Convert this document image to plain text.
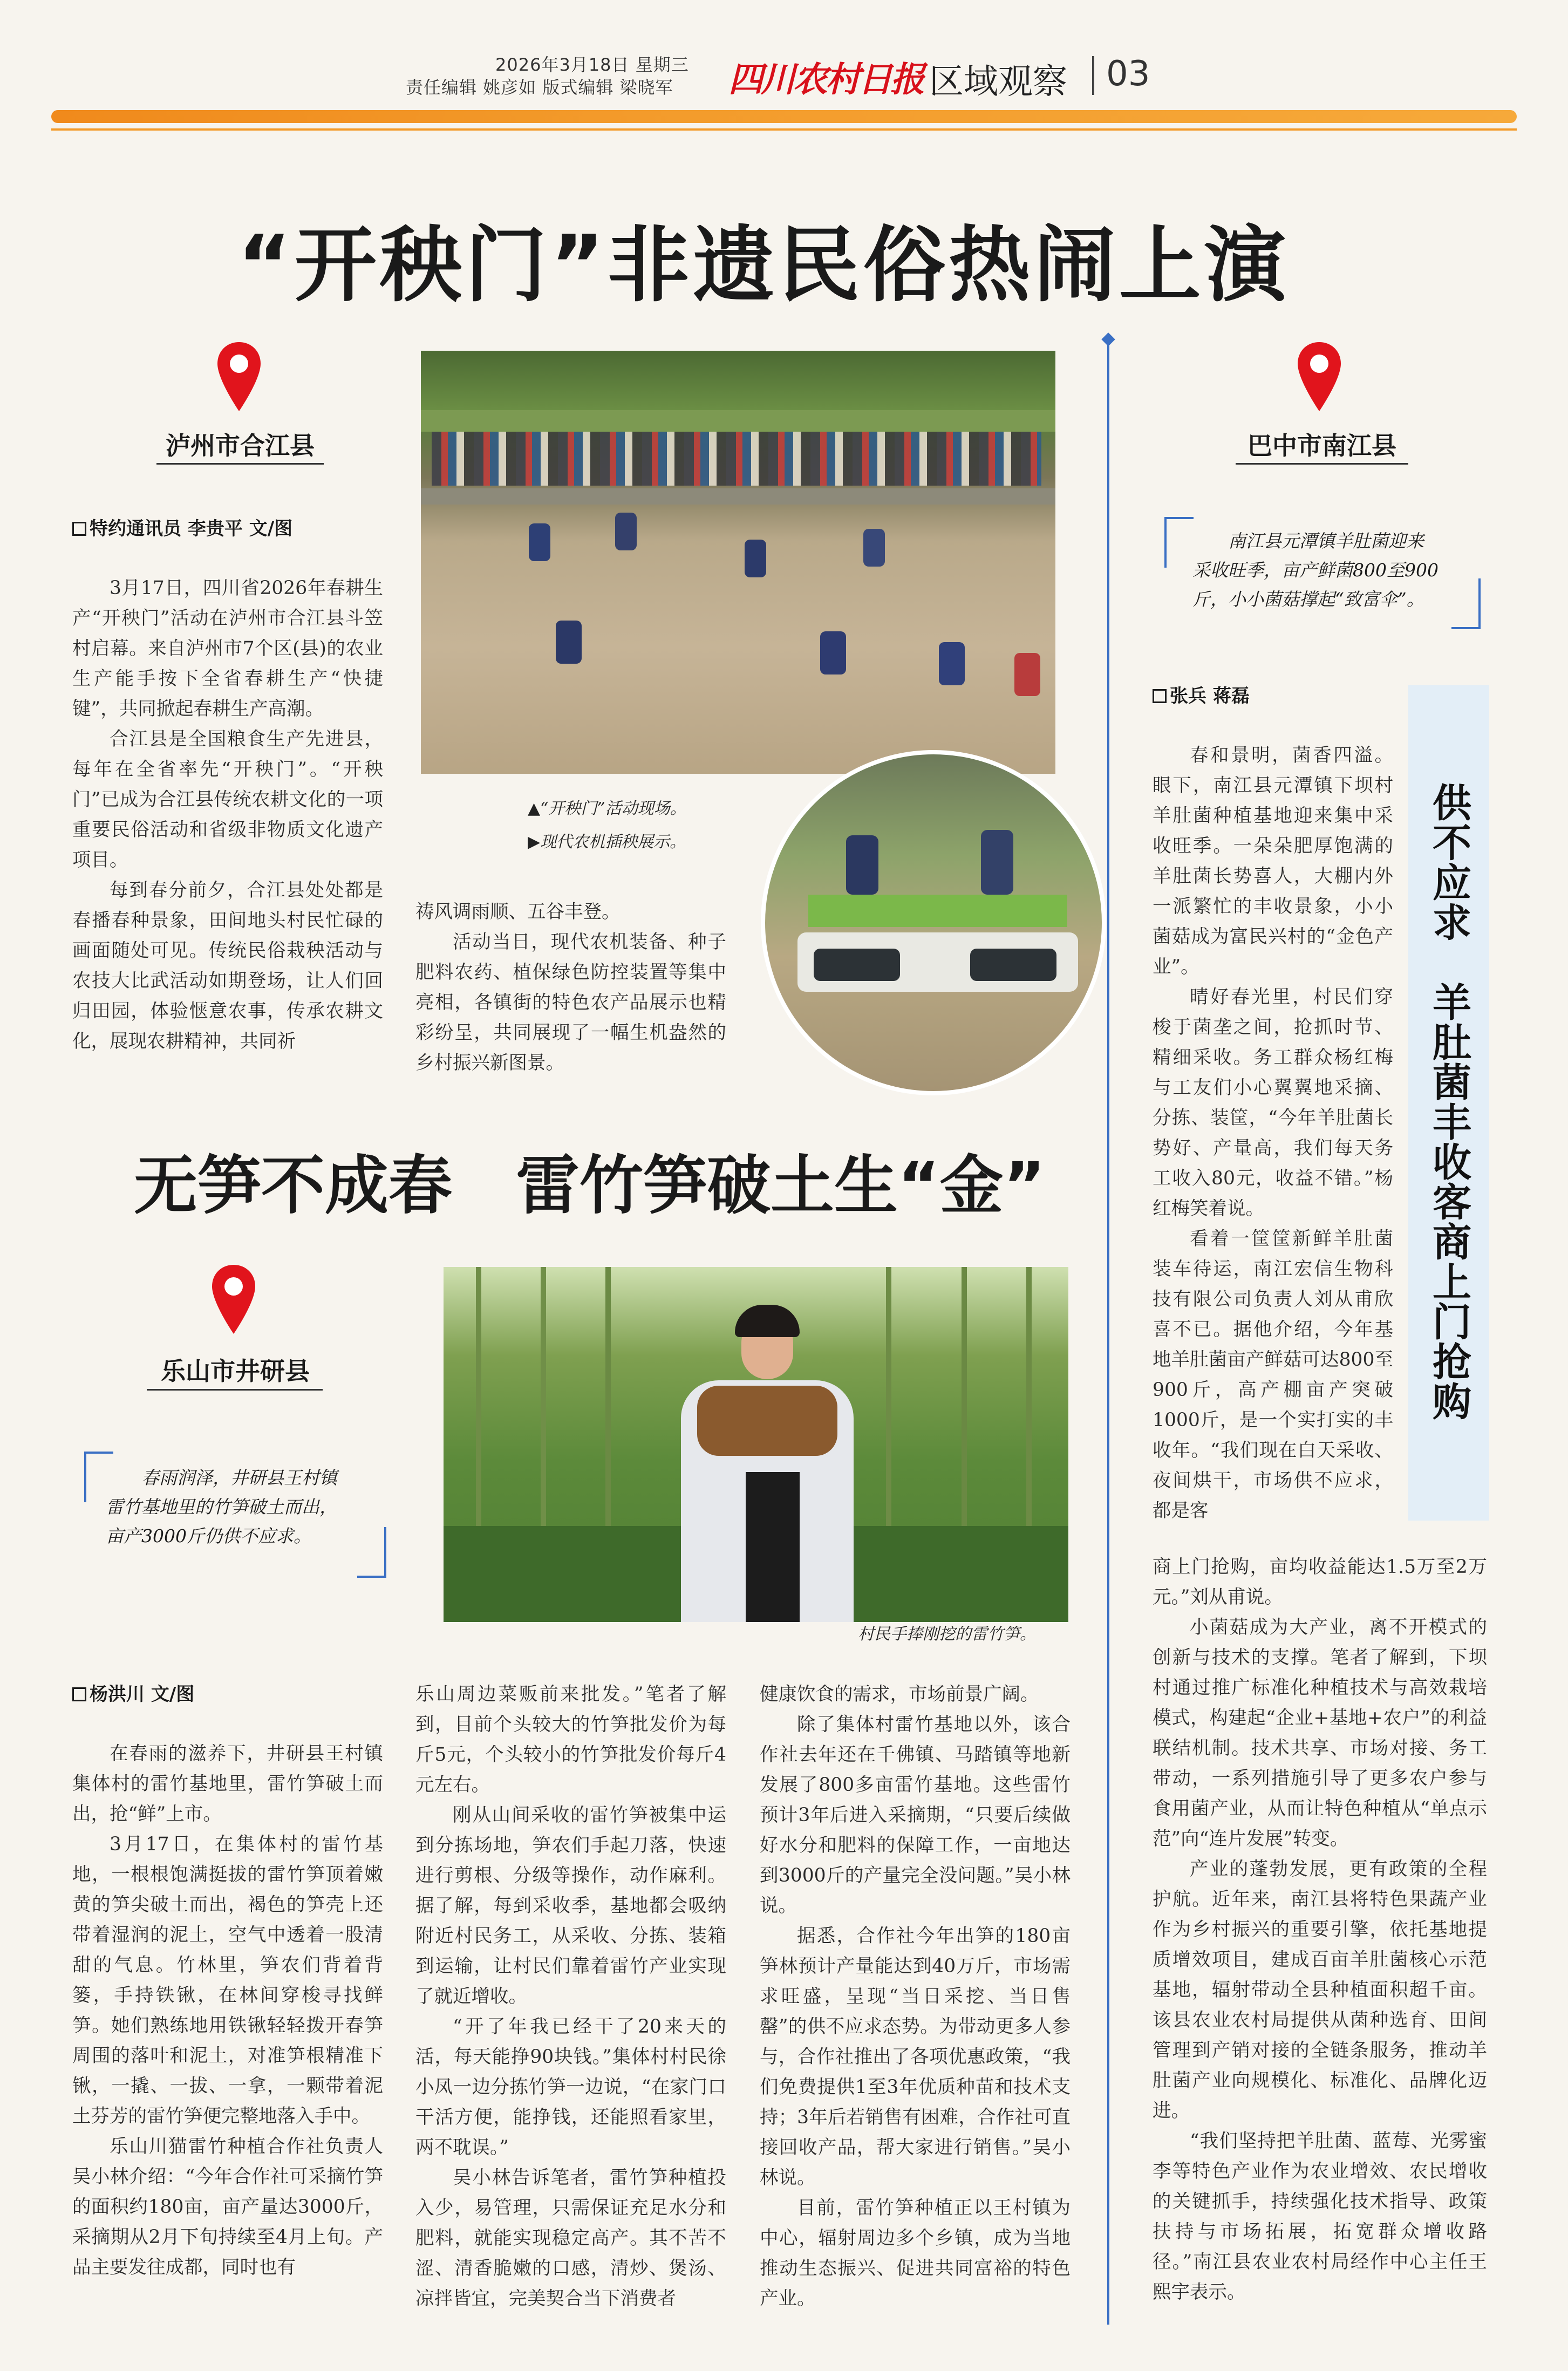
2026年3月18日 星期三
责任编辑 姚彦如 版式编辑 梁晓军 四川农村日报 区域观察 03
“开秧门”非遗民俗热闹上演
泸州市合江县
特约通讯员 李贵平 文/图

3月17日，四川省2026年春耕生产“开秧门”活动在泸州市合江县斗笠村启幕。来自泸州市7个区(县)的农业生产能手按下全省春耕生产“快捷键”，共同掀起春耕生产高潮。

合江县是全国粮食生产先进县，每年在全省率先“开秧门”。“开秧门”已成为合江县传统农耕文化的一项重要民俗活动和省级非物质文化遗产项目。

每到春分前夕，合江县处处都是春播春种景象，田间地头村民忙碌的画面随处可见。传统民俗栽秧活动与农技大比武活动如期登场，让人们回归田园，体验惬意农事，传承农耕文化，展现农耕精神，共同祈

▲“开秧门”活动现场。
▶现代农机插秧展示。
祷风调雨顺、五谷丰登。

活动当日，现代农机装备、种子肥料农药、植保绿色防控装置等集中亮相，各镇街的特色农产品展示也精彩纷呈，共同展现了一幅生机盎然的乡村振兴新图景。

无笋不成春　雷竹笋破土生“金”
乐山市井研县
春雨润泽，井研县王村镇
雷竹基地里的竹笋破土而出，
亩产3000斤仍供不应求。
村民手捧刚挖的雷竹笋。
杨洪川 文/图

在春雨的滋养下，井研县王村镇集体村的雷竹基地里，雷竹笋破土而出，抢“鲜”上市。

3月17日，在集体村的雷竹基地，一根根饱满挺拔的雷竹笋顶着嫩黄的笋尖破土而出，褐色的笋壳上还带着湿润的泥土，空气中透着一股清甜的气息。竹林里，笋农们背着背篓，手持铁锹，在林间穿梭寻找鲜笋。她们熟练地用铁锹轻轻拨开春笋周围的落叶和泥土，对准笋根精准下锹，一撬、一拔、一拿，一颗带着泥土芬芳的雷竹笋便完整地落入手中。

乐山川猫雷竹种植合作社负责人吴小林介绍：“今年合作社可采摘竹笋的面积约180亩，亩产量达3000斤，采摘期从2月下旬持续至4月上旬。产品主要发往成都，同时也有

乐山周边菜贩前来批发。”笔者了解到，目前个头较大的竹笋批发价为每斤5元，个头较小的竹笋批发价每斤4元左右。

刚从山间采收的雷竹笋被集中运到分拣场地，笋农们手起刀落，快速进行剪根、分级等操作，动作麻利。据了解，每到采收季，基地都会吸纳附近村民务工，从采收、分拣、装箱到运输，让村民们靠着雷竹产业实现了就近增收。

“开了年我已经干了20来天的活，每天能挣90块钱。”集体村村民徐小凤一边分拣竹笋一边说，“在家门口干活方便，能挣钱，还能照看家里，两不耽误。”

吴小林告诉笔者，雷竹笋种植投入少，易管理，只需保证充足水分和肥料，就能实现稳定高产。其不苦不涩、清香脆嫩的口感，清炒、煲汤、凉拌皆宜，完美契合当下消费者

健康饮食的需求，市场前景广阔。

除了集体村雷竹基地以外，该合作社去年还在千佛镇、马踏镇等地新发展了800多亩雷竹基地。这些雷竹预计3年后进入采摘期，“只要后续做好水分和肥料的保障工作，一亩地达到3000斤的产量完全没问题。”吴小林说。

据悉，合作社今年出笋的180亩笋林预计产量能达到40万斤，市场需求旺盛，呈现“当日采挖、当日售罄”的供不应求态势。为带动更多人参与，合作社推出了各项优惠政策，“我们免费提供1至3年优质种苗和技术支持；3年后若销售有困难，合作社可直接回收产品，帮大家进行销售。”吴小林说。

目前，雷竹笋种植正以王村镇为中心，辐射周边多个乡镇，成为当地推动生态振兴、促进共同富裕的特色产业。

巴中市南江县
南江县元潭镇羊肚菌迎来
采收旺季，亩产鲜菌800至900
斤，小小菌菇撑起“致富伞”。
张兵 蒋磊
供不应求　羊肚菌丰收客商上门抢购

春和景明，菌香四溢。眼下，南江县元潭镇下坝村羊肚菌种植基地迎来集中采收旺季。一朵朵肥厚饱满的羊肚菌长势喜人，大棚内外一派繁忙的丰收景象，小小菌菇成为富民兴村的“金色产业”。

晴好春光里，村民们穿梭于菌垄之间，抢抓时节、精细采收。务工群众杨红梅与工友们小心翼翼地采摘、分拣、装筐，“今年羊肚菌长势好、产量高，我们每天务工收入80元，收益不错。”杨红梅笑着说。

看着一筐筐新鲜羊肚菌装车待运，南江宏信生物科技有限公司负责人刘从甫欣喜不已。据他介绍，今年基地羊肚菌亩产鲜菇可达800至900斤，高产棚亩产突破1000斤，是一个实打实的丰收年。“我们现在白天采收、夜间烘干，市场供不应求，都是客

商上门抢购，亩均收益能达1.5万至2万元。”刘从甫说。

小菌菇成为大产业，离不开模式的创新与技术的支撑。笔者了解到，下坝村通过推广标准化种植技术与高效栽培模式，构建起“企业+基地+农户”的利益联结机制。技术共享、市场对接、务工带动，一系列措施引导了更多农户参与食用菌产业，从而让特色种植从“单点示范”向“连片发展”转变。

产业的蓬勃发展，更有政策的全程护航。近年来，南江县将特色果蔬产业作为乡村振兴的重要引擎，依托基地提质增效项目，建成百亩羊肚菌核心示范基地，辐射带动全县种植面积超千亩。该县农业农村局提供从菌种选育、田间管理到产销对接的全链条服务，推动羊肚菌产业向规模化、标准化、品牌化迈进。

“我们坚持把羊肚菌、蓝莓、光雾蜜李等特色产业作为农业增效、农民增收的关键抓手，持续强化技术指导、政策扶持与市场拓展，拓宽群众增收路径。”南江县农业农村局经作中心主任王熙宇表示。
